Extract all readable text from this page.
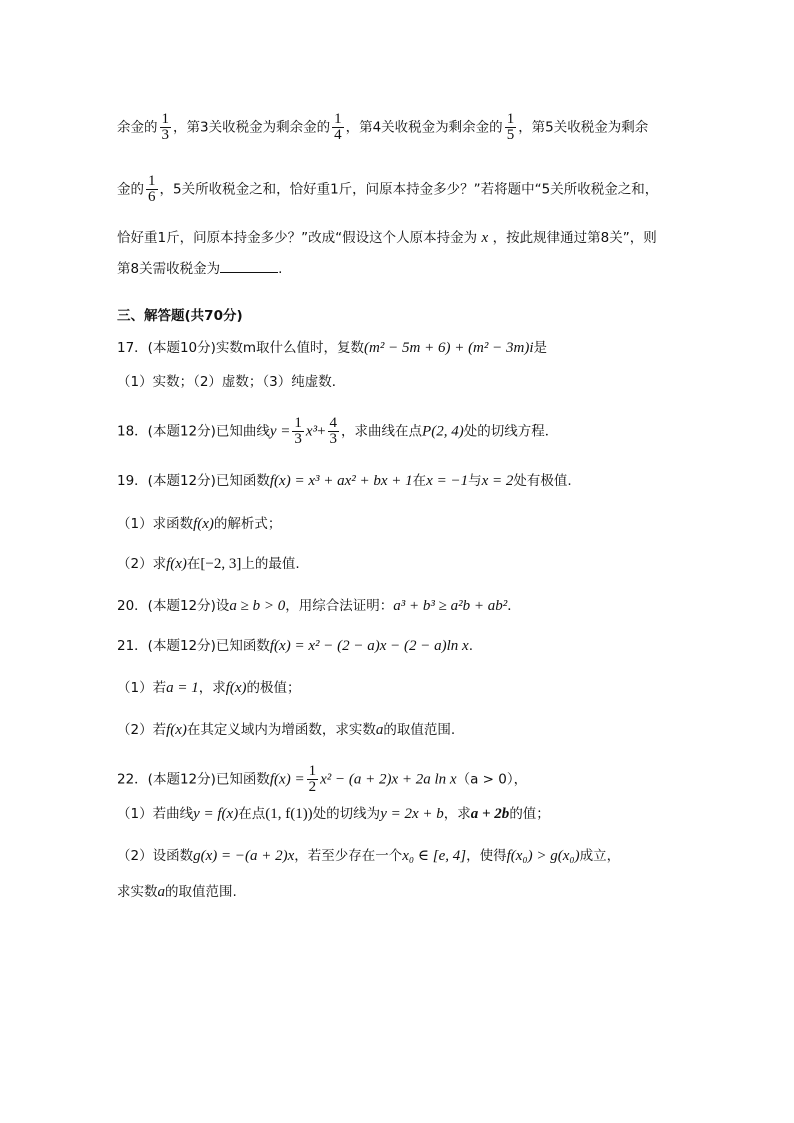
余金的 $\frac{1}{3}$ ，第3关收税金为剩余金的 $\frac{1}{4}$ ，第4关收税金为剩余金的 $\frac{1}{5}$ ，第5关收税金为剩余
金的 $\frac{1}{6}$ ，5关所收税金之和，恰好重1斤，问原本持金多少？”若将题中“5关所收税金之和，
恰好重1斤，问原本持金多少？”改成“假设这个人原本持金为 x ，按此规律通过第8关”，则
第8关需收税金为	.
三、解答题(共70分)
17．(本题10分)实数m取什么值时，复数(m² − 5m + 6) + (m² − 3m)i是
（1）实数；（2）虚数；（3）纯虚数．
18．(本题12分)已知曲线$y = \frac{1}{3} x^3+ \frac{4}{3}$ ，求曲线在点P(2, 4)处的切线方程．
19．(本题12分)已知函数f(x) = x³ + ax² + bx + 1在x = −1与x = 2处有极值.
（1）求函数f(x)的解析式；
（2）求f(x)在[−2, 3]上的最值.
20．(本题12分)设a ≥ b > 0，用综合法证明：a³ + b³ ≥ a²b + ab²．
21．(本题12分)已知函数f(x) = x² − (2 − a)x − (2 − a)ln x.
（1）若a = 1，求f(x)的极值；
（2）若f(x)在其定义域内为增函数，求实数a的取值范围.
22．(本题12分)已知函数$f(x) = \frac{1}{2} x^2 - (a + 2)x + 2a$ ln x（a > 0），
（1）若曲线y = f(x)在点(1, f(1))处的切线为y = 2x + b，求a + 2b的值；
（2）设函数g(x) = −(a + 2)x，若至少存在一个x₀ ∈ [e, 4]，使得f(x₀) > g(x₀)成立，
求实数a的取值范围.
